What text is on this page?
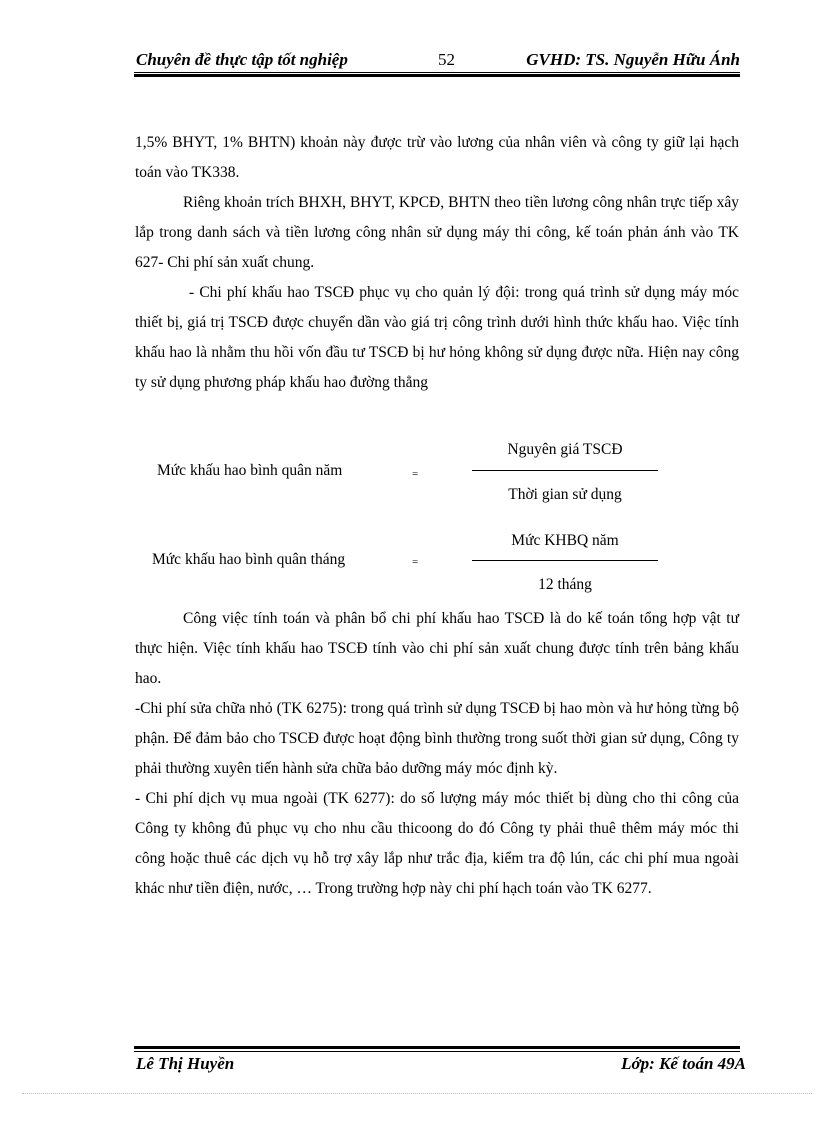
Chuyên đề thực tập tốt nghiệp	52	GVHD: TS. Nguyễn Hữu Ánh

1,5% BHYT, 1% BHTN) khoản này được trừ vào lương của nhân viên và công ty giữ lại hạch toán vào TK338.

Riêng khoản trích BHXH, BHYT, KPCĐ, BHTN theo tiền lương công nhân trực tiếp xây lắp trong danh sách và tiền lương công nhân sử dụng máy thi công, kế toán phản ánh vào TK 627- Chi phí sản xuất chung.

- Chi phí khấu hao TSCĐ phục vụ cho quản lý đội: trong quá trình sử dụng máy móc thiết bị, giá trị TSCĐ được chuyển dần vào giá trị công trình dưới hình thức khấu hao. Việc tính khấu hao là nhằm thu hồi vốn đầu tư TSCĐ bị hư hỏng không sử dụng được nữa. Hiện nay công ty sử dụng phương pháp khấu hao đường thẳng

Mức khấu hao bình quân năm	=
Nguyên giá TSCĐ
Thời gian sử dụng
Mức khấu hao bình quân tháng	=
Mức KHBQ năm
12 tháng

Công việc tính toán và phân bổ chi phí khấu hao TSCĐ là do kế toán tổng hợp vật tư thực hiện. Việc tính khấu hao TSCĐ tính vào chi phí sản xuất chung được tính trên bảng khấu hao.

-Chi phí sửa chữa nhỏ (TK 6275): trong quá trình sử dụng TSCĐ bị hao mòn và hư hỏng từng bộ phận. Để đảm bảo cho TSCĐ được hoạt động bình thường trong suốt thời gian sử dụng, Công ty phải thường xuyên tiến hành sửa chữa bảo dưỡng máy móc định kỳ.

- Chi phí dịch vụ mua ngoài (TK 6277): do số lượng máy móc thiết bị dùng cho thi công của Công ty không đủ phục vụ cho nhu cầu thicoong do đó Công ty phải thuê thêm máy móc thi công hoặc thuê các dịch vụ hỗ trợ xây lắp như trắc địa, kiểm tra độ lún, các chi phí mua ngoài khác như tiền điện, nước, … Trong trường hợp này chi phí hạch toán vào TK 6277.

Lê Thị Huyền	Lớp: Kế toán 49A
